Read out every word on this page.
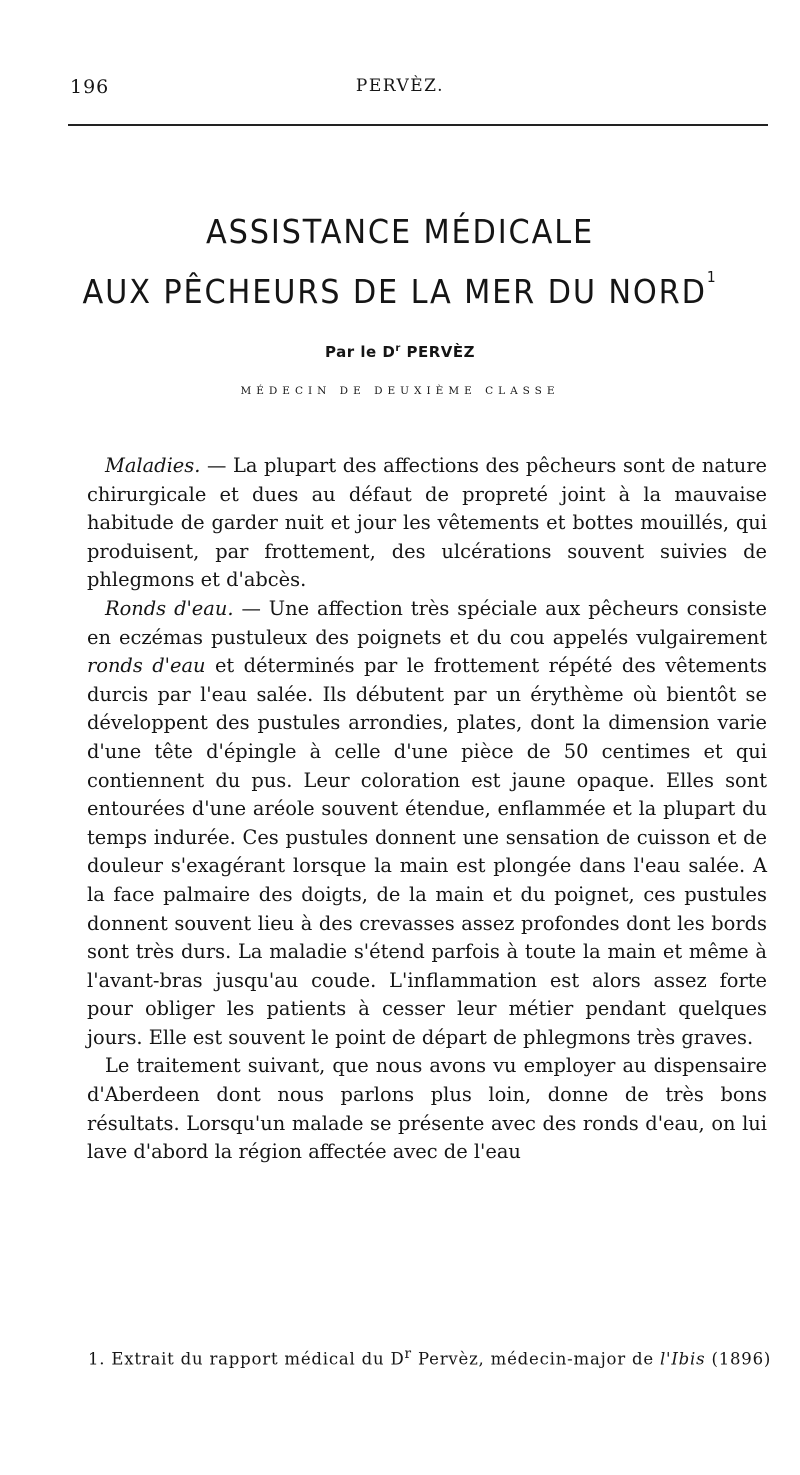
196	PERVÈZ.
ASSISTANCE MÉDICALE
AUX PÊCHEURS DE LA MER DU NORD$^1$
Par le $D^r$ PERVÈZ
MÉDECIN DE DEUXIÈME CLASSE

Maladies. — La plupart des affections des pêcheurs sont de nature chirurgicale et dues au défaut de propreté joint à la mauvaise habitude de garder nuit et jour les vêtements et bottes mouillés, qui produisent, par frottement, des ulcérations souvent suivies de phlegmons et d'abcès.

Ronds d'eau. — Une affection très spéciale aux pêcheurs consiste en eczémas pustuleux des poignets et du cou appelés vulgairement ronds d'eau et déterminés par le frottement répété des vêtements durcis par l'eau salée. Ils débutent par un érythème où bientôt se développent des pustules arrondies, plates, dont la dimension varie d'une tête d'épingle à celle d'une pièce de 50 centimes et qui contiennent du pus. Leur coloration est jaune opaque. Elles sont entourées d'une aréole souvent étendue, enflammée et la plupart du temps indurée. Ces pustules donnent une sensation de cuisson et de douleur s'exagérant lorsque la main est plongée dans l'eau salée. A la face palmaire des doigts, de la main et du poignet, ces pustules donnent souvent lieu à des crevasses assez profondes dont les bords sont très durs. La maladie s'étend parfois à toute la main et même à l'avant-bras jusqu'au coude. L'inflammation est alors assez forte pour obliger les patients à cesser leur métier pendant quelques jours. Elle est souvent le point de départ de phlegmons très graves.

Le traitement suivant, que nous avons vu employer au dispensaire d'Aberdeen dont nous parlons plus loin, donne de très bons résultats. Lorsqu'un malade se présente avec des ronds d'eau, on lui lave d'abord la région affectée avec de l'eau

1. Extrait du rapport médical du $D^r$ Pervèz, médecin-major de l'Ibis (1896)
